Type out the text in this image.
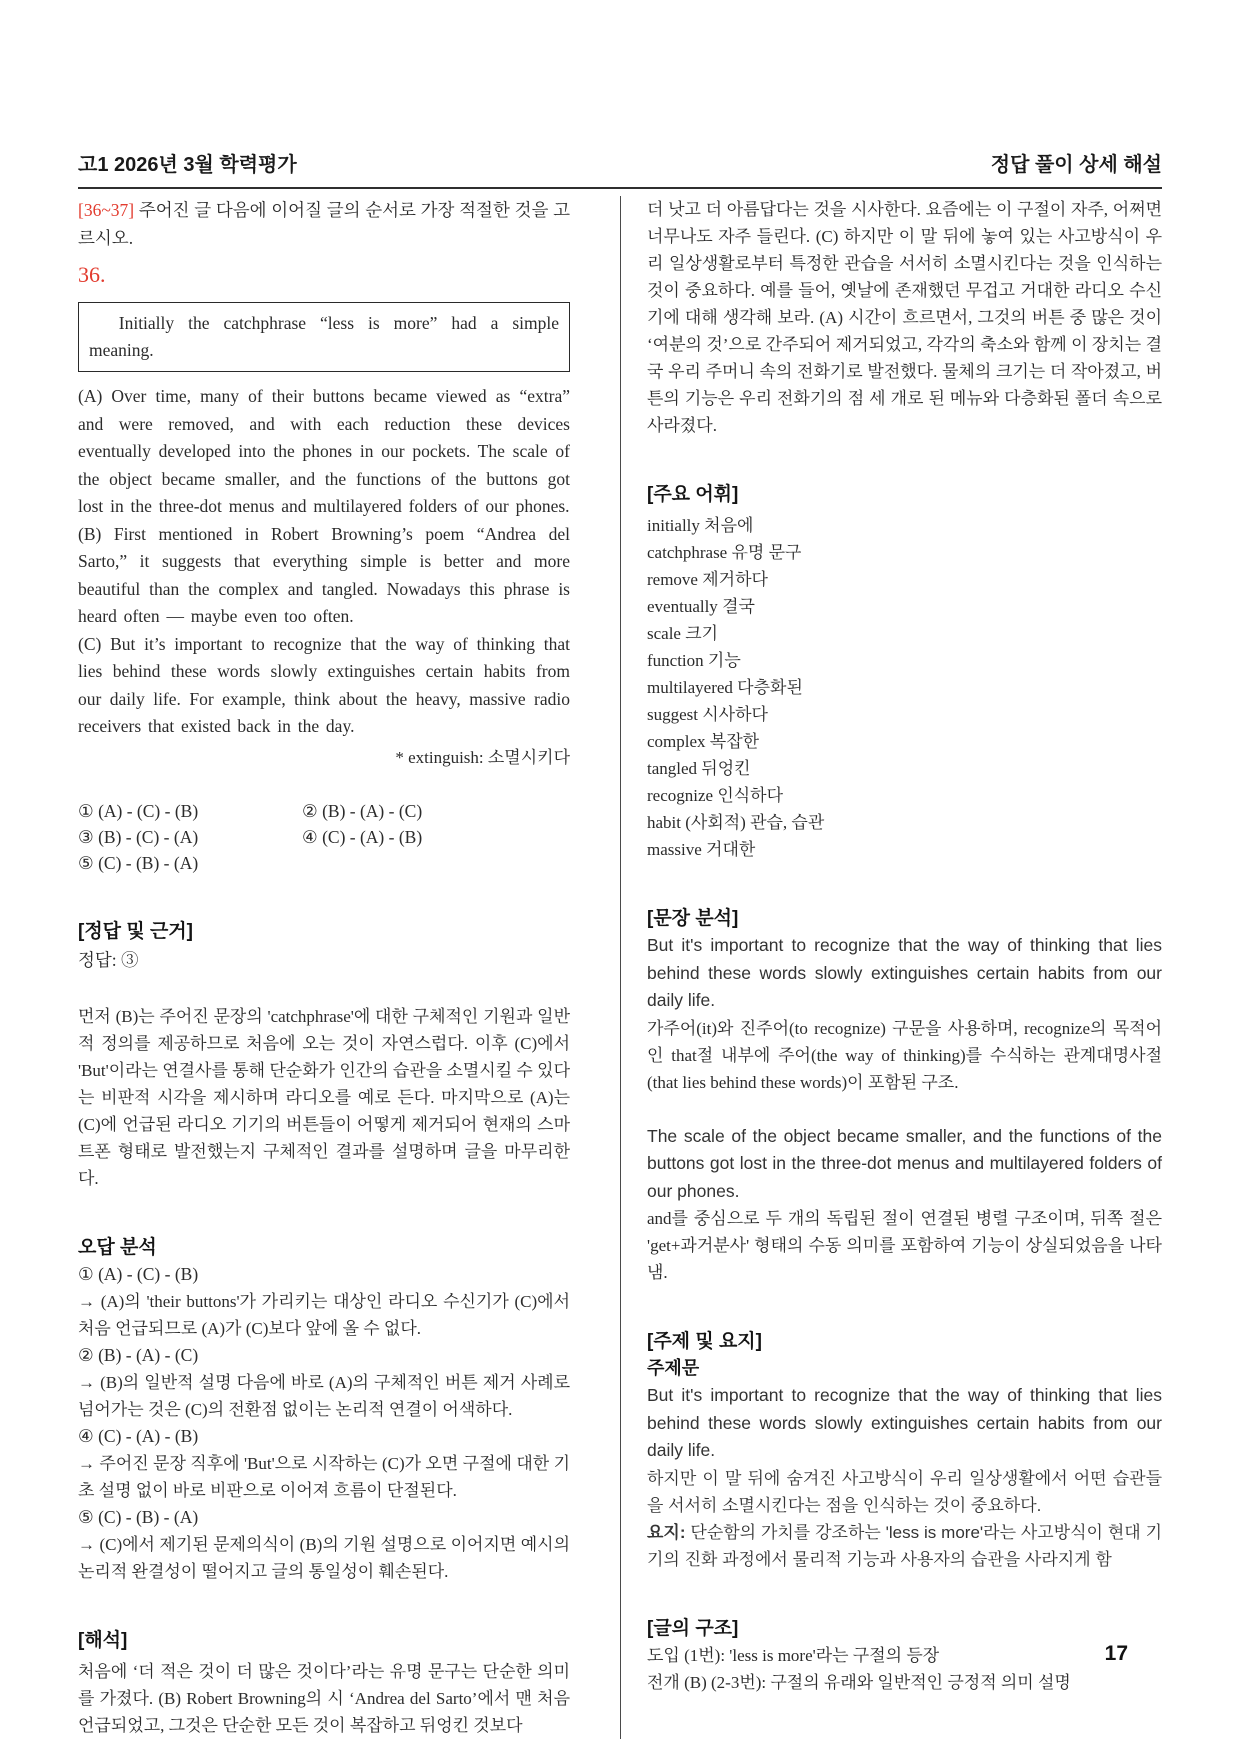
고1 2026년 3월 학력평가	정답 풀이 상세 해설

[36~37] 주어진 글 다음에 이어질 글의 순서로 가장 적절한 것을 고르시오.

36.

Initially the catchphrase “less is more” had a simple meaning.

(A) Over time, many of their buttons became viewed as “extra” and were removed, and with each reduction these devices eventually developed into the phones in our pockets. The scale of the object became smaller, and the functions of the buttons got lost in the three-dot menus and multilayered folders of our phones.

(B) First mentioned in Robert Browning’s poem “Andrea del Sarto,” it suggests that everything simple is better and more beautiful than the complex and tangled. Nowadays this phrase is heard often — maybe even too often.

(C) But it’s important to recognize that the way of thinking that lies behind these words slowly extinguishes certain habits from our daily life. For example, think about the heavy, massive radio receivers that existed back in the day.

* extinguish: 소멸시키다

① (A) - (C) - (B)	② (B) - (A) - (C)
③ (B) - (C) - (A)	④ (C) - (A) - (B)
⑤ (C) - (B) - (A)
[정답 및 근거]

정답: ③

먼저 (B)는 주어진 문장의 'catchphrase'에 대한 구체적인 기원과 일반적 정의를 제공하므로 처음에 오는 것이 자연스럽다. 이후 (C)에서 'But'이라는 연결사를 통해 단순화가 인간의 습관을 소멸시킬 수 있다는 비판적 시각을 제시하며 라디오를 예로 든다. 마지막으로 (A)는 (C)에 언급된 라디오 기기의 버튼들이 어떻게 제거되어 현재의 스마트폰 형태로 발전했는지 구체적인 결과를 설명하며 글을 마무리한다.

오답 분석

① (A) - (C) - (B)

→ (A)의 'their buttons'가 가리키는 대상인 라디오 수신기가 (C)에서 처음 언급되므로 (A)가 (C)보다 앞에 올 수 없다.

② (B) - (A) - (C)

→ (B)의 일반적 설명 다음에 바로 (A)의 구체적인 버튼 제거 사례로 넘어가는 것은 (C)의 전환점 없이는 논리적 연결이 어색하다.

④ (C) - (A) - (B)

→ 주어진 문장 직후에 'But'으로 시작하는 (C)가 오면 구절에 대한 기초 설명 없이 바로 비판으로 이어져 흐름이 단절된다.

⑤ (C) - (B) - (A)

→ (C)에서 제기된 문제의식이 (B)의 기원 설명으로 이어지면 예시의 논리적 완결성이 떨어지고 글의 통일성이 훼손된다.

[해석]

처음에 ‘더 적은 것이 더 많은 것이다’라는 유명 문구는 단순한 의미를 가졌다. (B) Robert Browning의 시 ‘Andrea del Sarto’에서 맨 처음 언급되었고, 그것은 단순한 모든 것이 복잡하고 뒤엉킨 것보다

더 낫고 더 아름답다는 것을 시사한다. 요즘에는 이 구절이 자주, 어쩌면 너무나도 자주 들린다. (C) 하지만 이 말 뒤에 놓여 있는 사고방식이 우리 일상생활로부터 특정한 관습을 서서히 소멸시킨다는 것을 인식하는 것이 중요하다. 예를 들어, 옛날에 존재했던 무겁고 거대한 라디오 수신기에 대해 생각해 보라. (A) 시간이 흐르면서, 그것의 버튼 중 많은 것이 ‘여분의 것’으로 간주되어 제거되었고, 각각의 축소와 함께 이 장치는 결국 우리 주머니 속의 전화기로 발전했다. 물체의 크기는 더 작아졌고, 버튼의 기능은 우리 전화기의 점 세 개로 된 메뉴와 다층화된 폴더 속으로 사라졌다.

[주요 어휘]
initially 처음에
catchphrase 유명 문구
remove 제거하다
eventually 결국
scale 크기
function 기능
multilayered 다층화된
suggest 시사하다
complex 복잡한
tangled 뒤엉킨
recognize 인식하다
habit (사회적) 관습, 습관
massive 거대한
[문장 분석]

But it's important to recognize that the way of thinking that lies behind these words slowly extinguishes certain habits from our daily life.

가주어(it)와 진주어(to recognize) 구문을 사용하며, recognize의 목적어인 that절 내부에 주어(the way of thinking)를 수식하는 관계대명사절(that lies behind these words)이 포함된 구조.

The scale of the object became smaller, and the functions of the buttons got lost in the three-dot menus and multilayered folders of our phones.

and를 중심으로 두 개의 독립된 절이 연결된 병렬 구조이며, 뒤쪽 절은 'get+과거분사' 형태의 수동 의미를 포함하여 기능이 상실되었음을 나타냄.

[주제 및 요지]
주제문

But it's important to recognize that the way of thinking that lies behind these words slowly extinguishes certain habits from our daily life.

하지만 이 말 뒤에 숨겨진 사고방식이 우리 일상생활에서 어떤 습관들을 서서히 소멸시킨다는 점을 인식하는 것이 중요하다.

요지: 단순함의 가치를 강조하는 'less is more'라는 사고방식이 현대 기기의 진화 과정에서 물리적 기능과 사용자의 습관을 사라지게 함

[글의 구조]

도입 (1번): 'less is more'라는 구절의 등장

전개 (B) (2-3번): 구절의 유래와 일반적인 긍정적 의미 설명

17
